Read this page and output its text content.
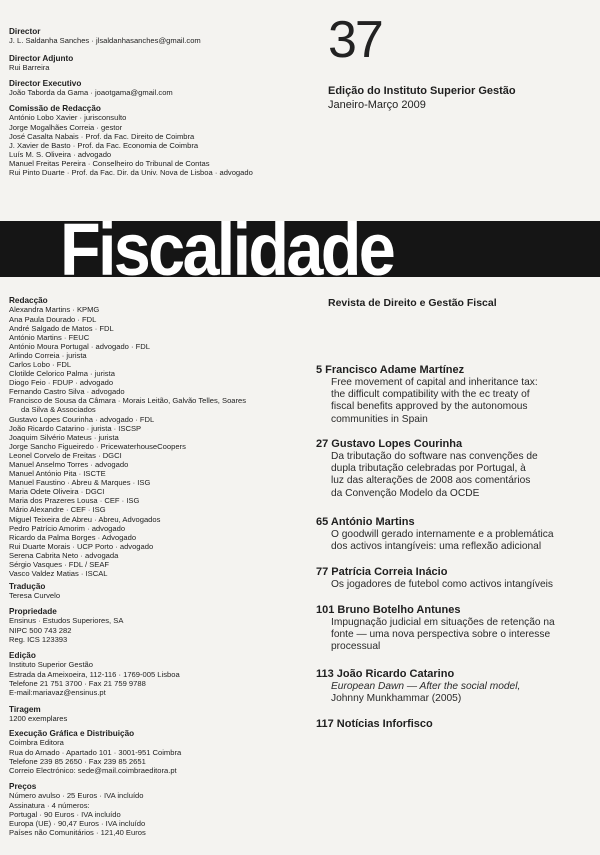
Director

J. L. Saldanha Sanches · jlsaldanhasanches@gmail.com

Director Adjunto

Rui Barreira

Director Executivo

João Taborda da Gama · joaotgama@gmail.com

Comissão de Redacção

António Lobo Xavier · jurisconsulto

Jorge Mogalhães Correia · gestor

José Casalta Nabais · Prof. da Fac. Direito de Coimbra

J. Xavier de Basto · Prof. da Fac. Economia de Coimbra

Luís M. S. Oliveira · advogado

Manuel Freitas Pereira · Conselheiro do Tribunal de Contas

Rui Pinto Duarte · Prof. da Fac. Dir. da Univ. Nova de Lisboa · advogado

37
Edição do Instituto Superior Gestão
Janeiro-Março 2009
Fiscalidade
Revista de Direito e Gestão Fiscal

Redacção

Alexandra Martins · KPMG

Ana Paula Dourado · FDL

André Salgado de Matos · FDL

António Martins · FEUC

António Moura Portugal · advogado · FDL

Arlindo Correia · jurista

Carlos Lobo · FDL

Clotilde Celorico Palma · jurista

Diogo Feio · FDUP · advogado

Fernando Castro Silva · advogado

Francisco de Sousa da Câmara · Morais Leitão, Galvão Telles, Soares

da Silva & Associados

Gustavo Lopes Courinha · advogado · FDL

João Ricardo Catarino · jurista · ISCSP

Joaquim Silvério Mateus · jurista

Jorge Sancho Figueiredo · PricewaterhouseCoopers

Leonel Corvelo de Freitas · DGCI

Manuel Anselmo Torres · advogado

Manuel António Pita · ISCTE

Manuel Faustino · Abreu & Marques · ISG

Maria Odete Oliveira · DGCI

Maria dos Prazeres Lousa · CEF · ISG

Mário Alexandre · CEF · ISG

Miguel Teixeira de Abreu · Abreu, Advogados

Pedro Patrício Amorim · advogado

Ricardo da Palma Borges · Advogado

Rui Duarte Morais · UCP Porto · advogado

Serena Cabrita Neto · advogada

Sérgio Vasques · FDL / SEAF

Vasco Valdez Matias · ISCAL

Tradução

Teresa Curvelo

Propriedade

Ensinus · Estudos Superiores, SA

NIPC 500 743 282

Reg. ICS 123393

Edição

Instituto Superior Gestão

Estrada da Ameixoeira, 112-116 · 1769-005 Lisboa

Telefone 21 751 3700 · Fax 21 759 9788

E-mail:mariavaz@ensinus.pt

Tiragem

1200 exemplares

Execução Gráfica e Distribuição

Coimbra Editora

Rua do Arnado · Apartado 101 · 3001-951 Coimbra

Telefone 239 85 2650 · Fax 239 85 2651

Correio Electrónico: sede@mail.coimbraeditora.pt

Preços

Número avulso · 25 Euros · IVA incluído

Assinatura · 4 números:

Portugal · 90 Euros · IVA incluído

Europa (UE) · 90,47 Euros · IVA incluído

Países não Comunitários · 121,40 Euros

5 Francisco Adame Martínez

Free movement of capital and inheritance tax:

the difficult compatibility with the ec treaty of

fiscal benefits approved by the autonomous

communities in Spain

27 Gustavo Lopes Courinha

Da tributação do software nas convenções de

dupla tributação celebradas por Portugal, à

luz das alterações de 2008 aos comentários

da Convenção Modelo da OCDE

65 António Martins

O goodwill gerado internamente e a problemática

dos activos intangíveis: uma reflexão adicional

77 Patrícia Correia Inácio

Os jogadores de futebol como activos intangíveis

101 Bruno Botelho Antunes

Impugnação judicial em situações de retenção na

fonte — uma nova perspectiva sobre o interesse

processual

113 João Ricardo Catarino

European Dawn — After the social model,

Johnny Munkhammar (2005)

117 Notícias Inforfisco
